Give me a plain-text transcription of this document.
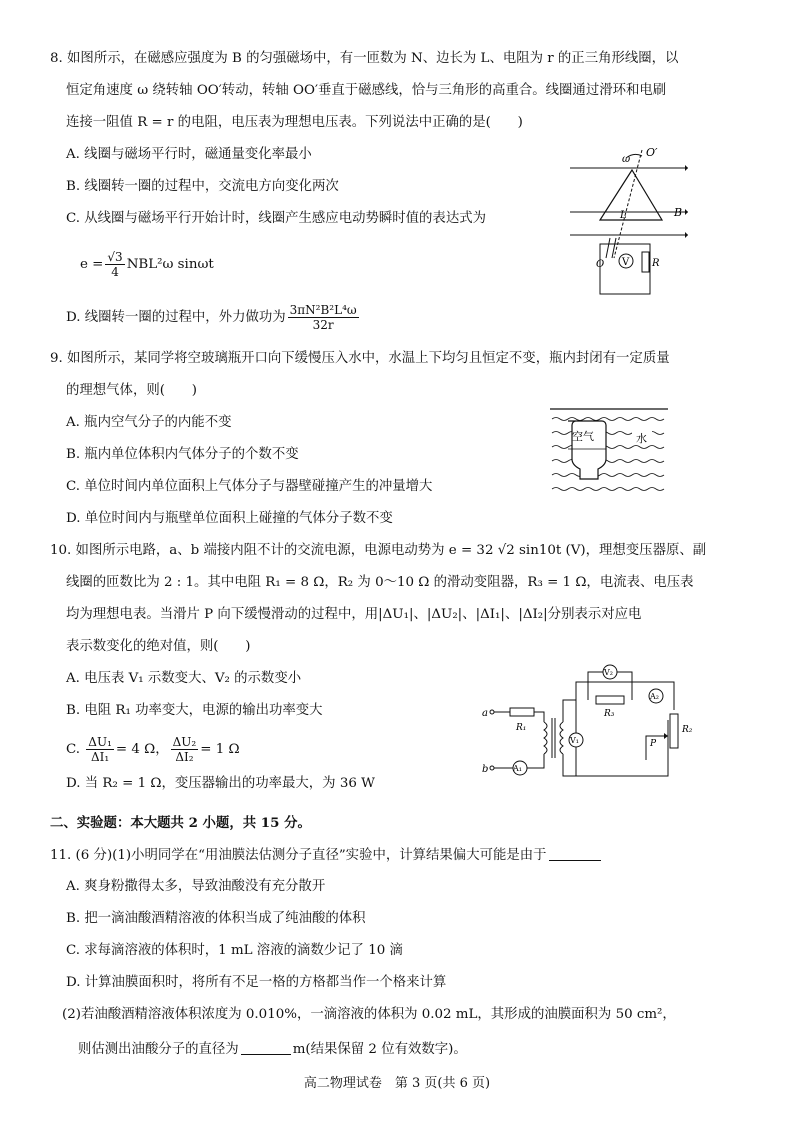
8. 如图所示，在磁感应强度为 B 的匀强磁场中，有一匝数为 N、边长为 L、电阻为 r 的正三角形线圈，以
恒定角速度 ω 绕转轴 OO′转动，转轴 OO′垂直于磁感线，恰与三角形的高重合。线圈通过滑环和电刷
连接一阻值 R = r 的电阻，电压表为理想电压表。下列说法中正确的是(　　)
A. 线圈与磁场平行时，磁通量变化率最小
B. 线圈转一圈的过程中，交流电方向变化两次
C. 从线圈与磁场平行开始计时，线圈产生感应电动势瞬时值的表达式为
$e = \frac{√3}{4} NBL^2\omega$ sinωt
D. 线圈转一圈的过程中，外力做功为 $\frac{\text{3πN²B²L⁴ω}}{32r}$
ω
O′
B
L
V R
O
9. 如图所示，某同学将空玻璃瓶开口向下缓慢压入水中，水温上下均匀且恒定不变，瓶内封闭有一定质量
的理想气体，则(　　)
A. 瓶内空气分子的内能不变
B. 瓶内单位体积内气体分子的个数不变
C. 单位时间内单位面积上气体分子与器壁碰撞产生的冲量增大
D. 单位时间内与瓶壁单位面积上碰撞的气体分子数不变
空气	水
10. 如图所示电路，a、b 端接内阻不计的交流电源，电源电动势为 e = 32 √2 sin10t (V)，理想变压器原、副
线圈的匝数比为 2 : 1。其中电阻 R₁ = 8 Ω，R₂ 为 0～10 Ω 的滑动变阻器，R₃ = 1 Ω，电流表、电压表
均为理想电表。当滑片 P 向下缓慢滑动的过程中，用|ΔU₁|、|ΔU₂|、|ΔI₁|、|ΔI₂|分别表示对应电
表示数变化的绝对值，则(　　)
A. 电压表 V₁ 示数变大、V₂ 的示数变小
B. 电阻 R₁ 功率变大，电源的输出功率变大
C. $\frac{\text{ΔU₁}}{\text{ΔI₁}} = 4$ Ω， $\frac{\text{ΔU₂}}{\text{ΔI₂}} = 1$ Ω
D. 当 R₂ = 1 Ω，变压器输出的功率最大，为 36 W
a
b
R₁
A₁
V₁
V₂
R₃
A₂
R₂
P
二、实验题：本大题共 2 小题，共 15 分。
11. (6 分)(1)小明同学在“用油膜法估测分子直径”实验中，计算结果偏大可能是由于
A. 爽身粉撒得太多，导致油酸没有充分散开
B. 把一滴油酸酒精溶液的体积当成了纯油酸的体积
C. 求每滴溶液的体积时，1 mL 溶液的滴数少记了 10 滴
D. 计算油膜面积时，将所有不足一格的方格都当作一个格来计算
(2)若油酸酒精溶液体积浓度为 0.010%，一滴溶液的体积为 0.02 mL，其形成的油膜面积为 50 cm²，
则估测出油酸分子的直径为	m(结果保留 2 位有效数字)。
高二物理试卷　第 3 页(共 6 页)
